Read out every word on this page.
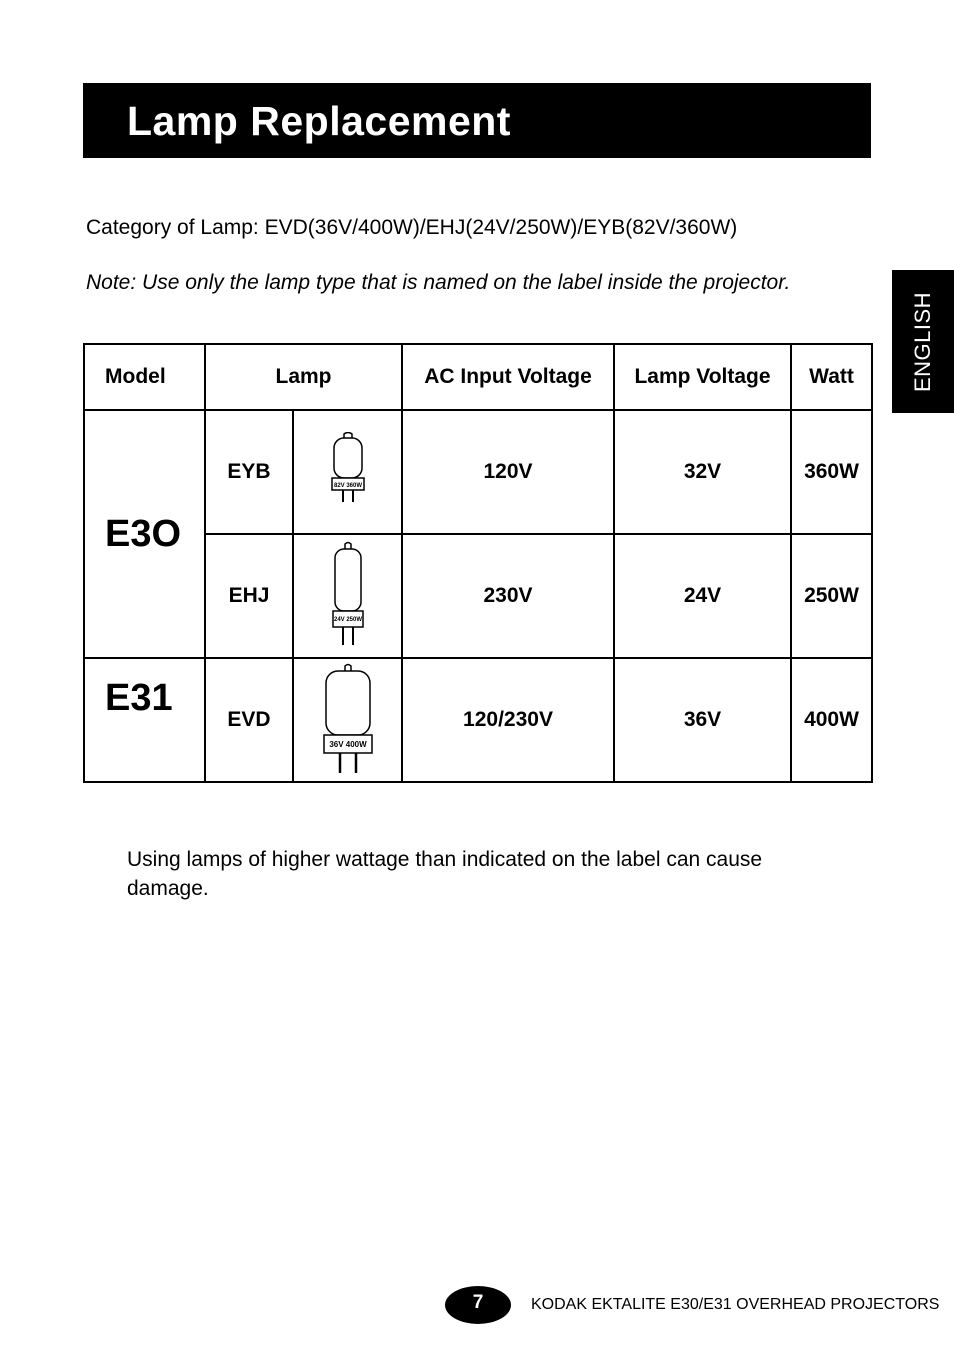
Lamp Replacement
ENGLISH

Category of Lamp: EVD(36V/400W)/EHJ(24V/250W)/EYB(82V/360W)

Note: Use only the lamp type that is named on the label inside the projector.

Model	Lamp		AC Input Voltage	Lamp Voltage	Watt
E3O	EYB	82V 360W	120V	32V	360W
	EHJ	24V 250W	230V	24V	250W
E31	EVD	36V 400W	120/230V	36V	400W

Using lamps of higher wattage than indicated on the label can cause damage.

7	KODAK EKTALITE E30/E31 OVERHEAD PROJECTORS
